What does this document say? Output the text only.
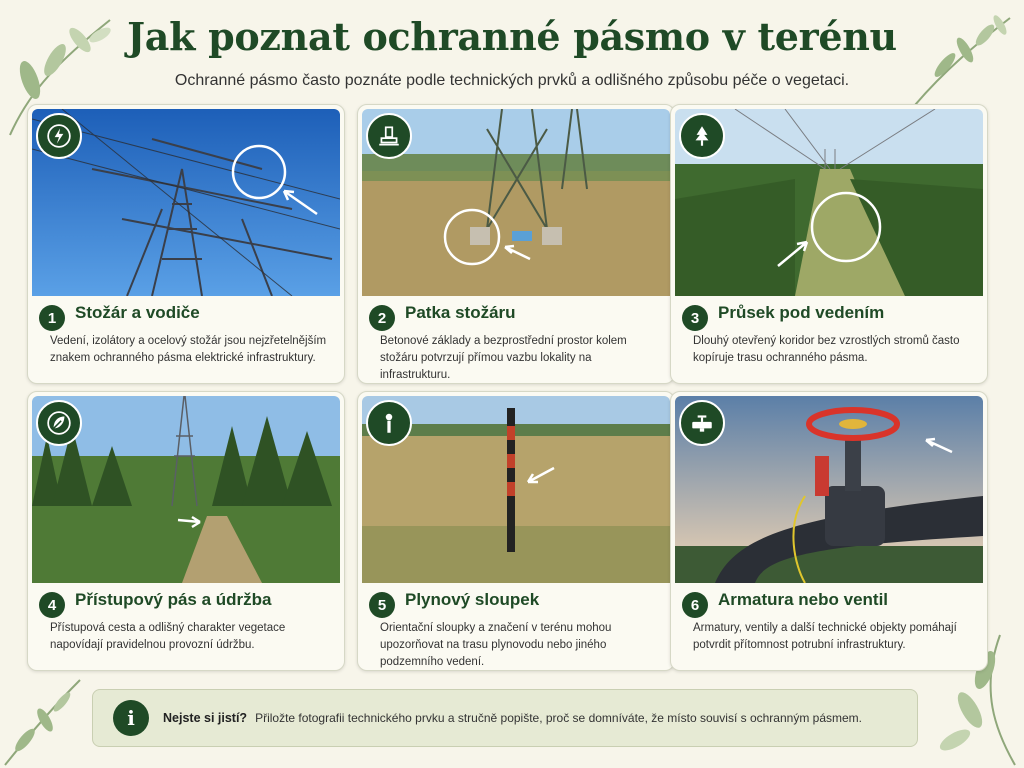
Jak poznat ochranné pásmo v terénu
Ochranné pásmo často poznáte podle technických prvků a odlišného způsobu péče o vegetaci.
1	Stožár a vodiče
Vedení, izolátory a ocelový stožár jsou nejzřetelnějším znakem ochranného pásma elektrické infrastruktury.
2	Patka stožáru
Betonové základy a bezprostřední prostor kolem stožáru potvrzují přímou vazbu lokality na infrastrukturu.
3	Průsek pod vedením
Dlouhý otevřený koridor bez vzrostlých stromů často kopíruje trasu ochranného pásma.
4	Přístupový pás a údržba
Přístupová cesta a odlišný charakter vegetace napovídají pravidelnou provozní údržbu.
5	Plynový sloupek
Orientační sloupky a značení v terénu mohou upozorňovat na trasu plynovodu nebo jiného podzemního vedení.
6	Armatura nebo ventil
Armatury, ventily a další technické objekty pomáhají potvrdit přítomnost potrubní infrastruktury.
i	Nejste si jistí? Přiložte fotografii technického prvku a stručně popište, proč se domníváte, že místo souvisí s ochranným pásmem.
